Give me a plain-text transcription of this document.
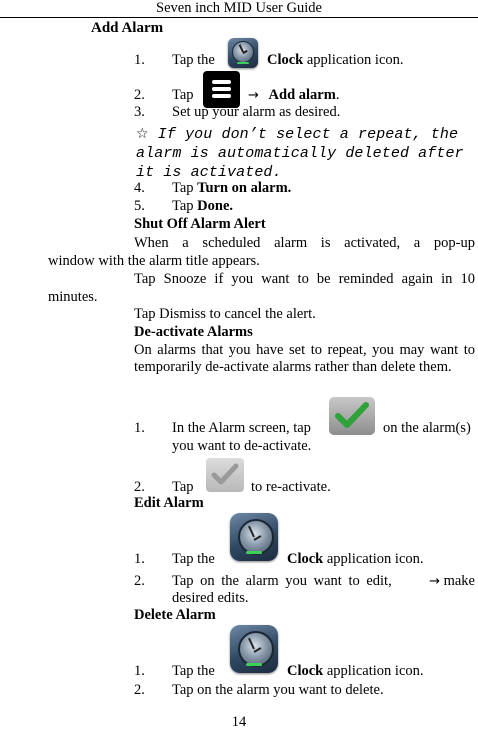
Seven inch MID User Guide
Add Alarm
1.	Tap the	Clock application icon.
2.	Tap	→ Add alarm.
3.	Set up your alarm as desired.
☆ If you don’t select a repeat, the alarm is automatically deleted after it is activated.
4.	Tap Turn on alarm.
5.	Tap Done.
Shut Off Alarm Alert
When a scheduled alarm is activated, a pop-up
window with the alarm title appears.
Tap Snooze if you want to be reminded again in 10
minutes.
Tap Dismiss to cancel the alert.
De-activate Alarms
On alarms that you have set to repeat, you may want to temporarily de-activate alarms rather than delete them.
1.	In the Alarm screen, tap	on the alarm(s)
you want to de-activate.
2.	Tap	to re-activate.
Edit Alarm
1.	Tap the	Clock application icon.
2.	Tap on the alarm you want to edit,	→ make
desired edits.
Delete Alarm
1.	Tap the	Clock application icon.
2.	Tap on the alarm you want to delete.
14
